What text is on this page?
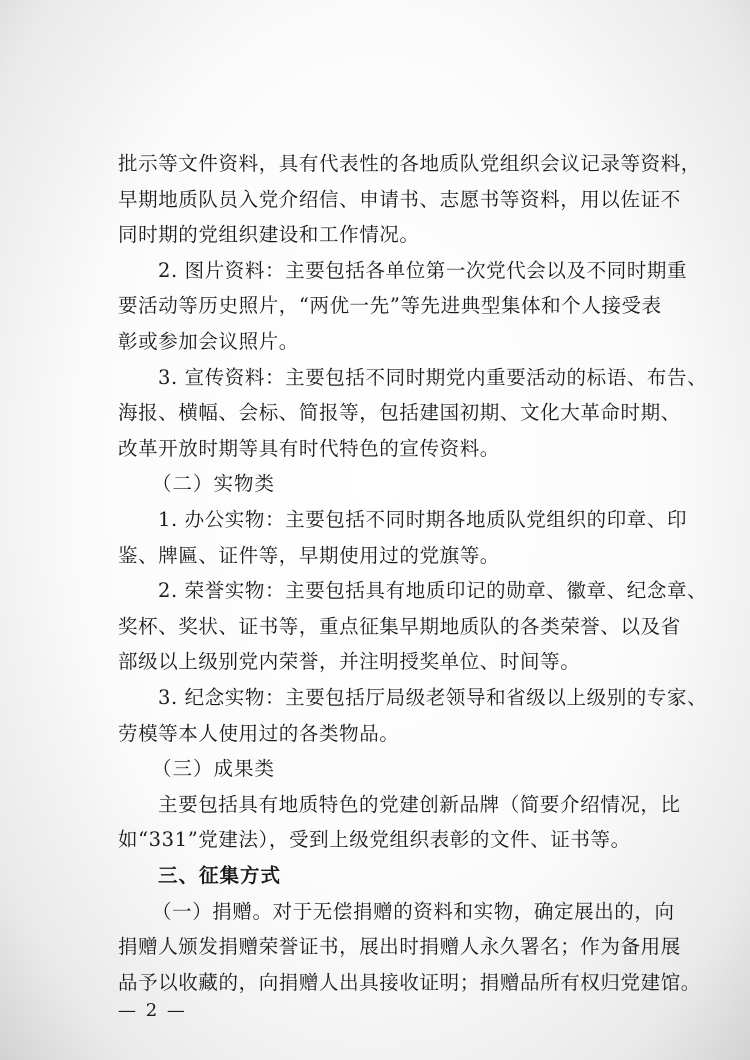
批示等文件资料，具有代表性的各地质队党组织会议记录等资料，
早期地质队员入党介绍信、申请书、志愿书等资料，用以佐证不
同时期的党组织建设和工作情况。
2. 图片资料：主要包括各单位第一次党代会以及不同时期重
要活动等历史照片，“两优一先”等先进典型集体和个人接受表
彰或参加会议照片。
3. 宣传资料：主要包括不同时期党内重要活动的标语、布告、
海报、横幅、会标、简报等，包括建国初期、文化大革命时期、
改革开放时期等具有时代特色的宣传资料。
（二）实物类
1. 办公实物：主要包括不同时期各地质队党组织的印章、印
鉴、牌匾、证件等，早期使用过的党旗等。
2. 荣誉实物：主要包括具有地质印记的勋章、徽章、纪念章、
奖杯、奖状、证书等，重点征集早期地质队的各类荣誉、以及省
部级以上级别党内荣誉，并注明授奖单位、时间等。
3. 纪念实物：主要包括厅局级老领导和省级以上级别的专家、
劳模等本人使用过的各类物品。
（三）成果类
主要包括具有地质特色的党建创新品牌（简要介绍情况，比
如“331”党建法），受到上级党组织表彰的文件、证书等。
三、征集方式
（一）捐赠。对于无偿捐赠的资料和实物，确定展出的，向
捐赠人颁发捐赠荣誉证书，展出时捐赠人永久署名；作为备用展
品予以收藏的，向捐赠人出具接收证明；捐赠品所有权归党建馆。
— 2 —
